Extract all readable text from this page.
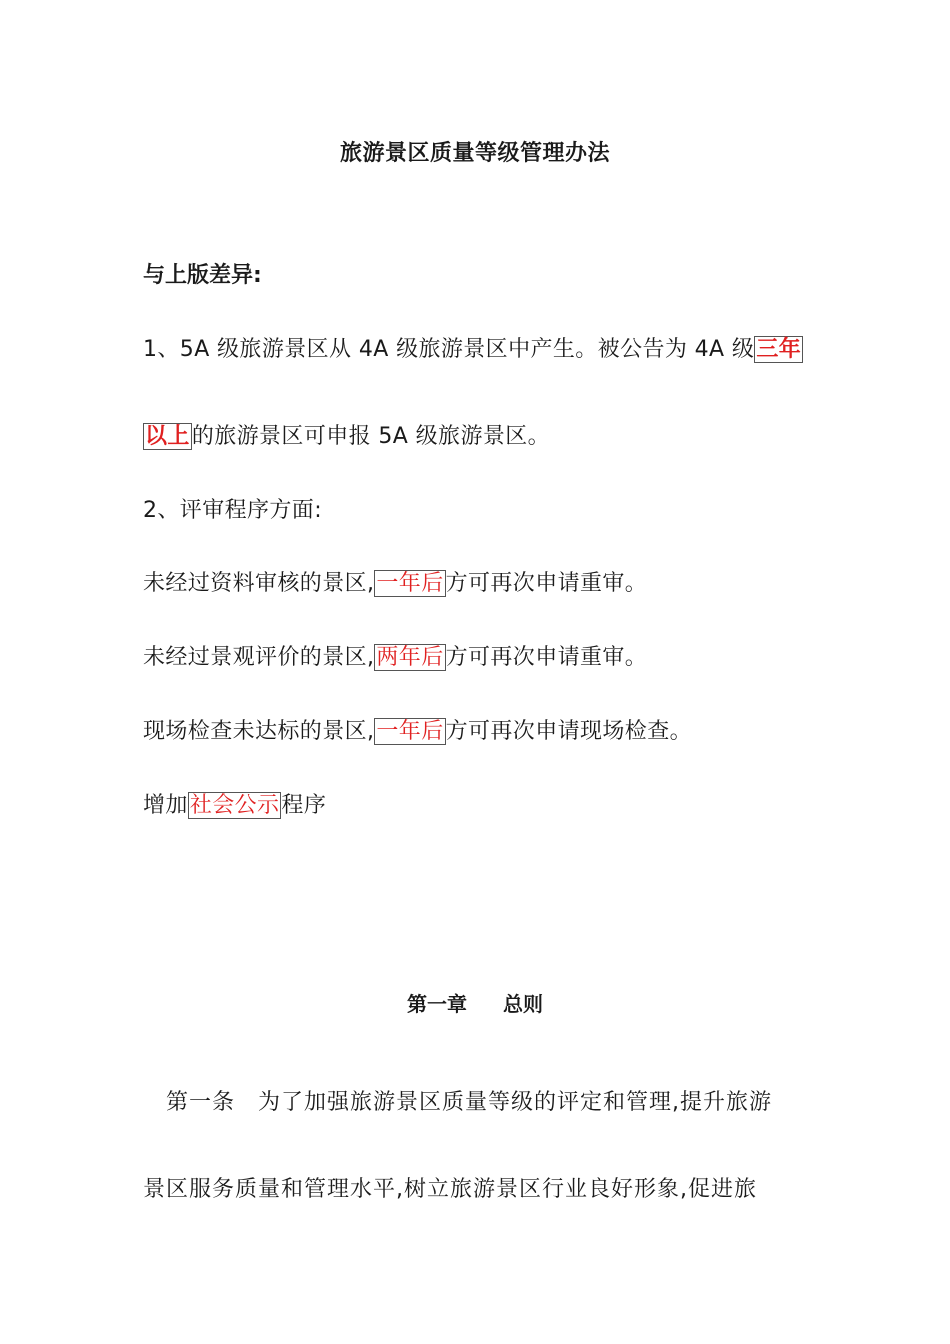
旅游景区质量等级管理办法
与上版差异:
1、5A 级旅游景区从 4A 级旅游景区中产生。被公告为 4A 级三年
以上的旅游景区可申报 5A 级旅游景区。
2、评审程序方面:
未经过资料审核的景区,一年后方可再次申请重审。
未经过景观评价的景区,两年后方可再次申请重审。
现场检查未达标的景区,一年后方可再次申请现场检查。
增加社会公示程序
第一章 总则
　第一条　为了加强旅游景区质量等级的评定和管理,提升旅游
景区服务质量和管理水平,树立旅游景区行业良好形象,促进旅
